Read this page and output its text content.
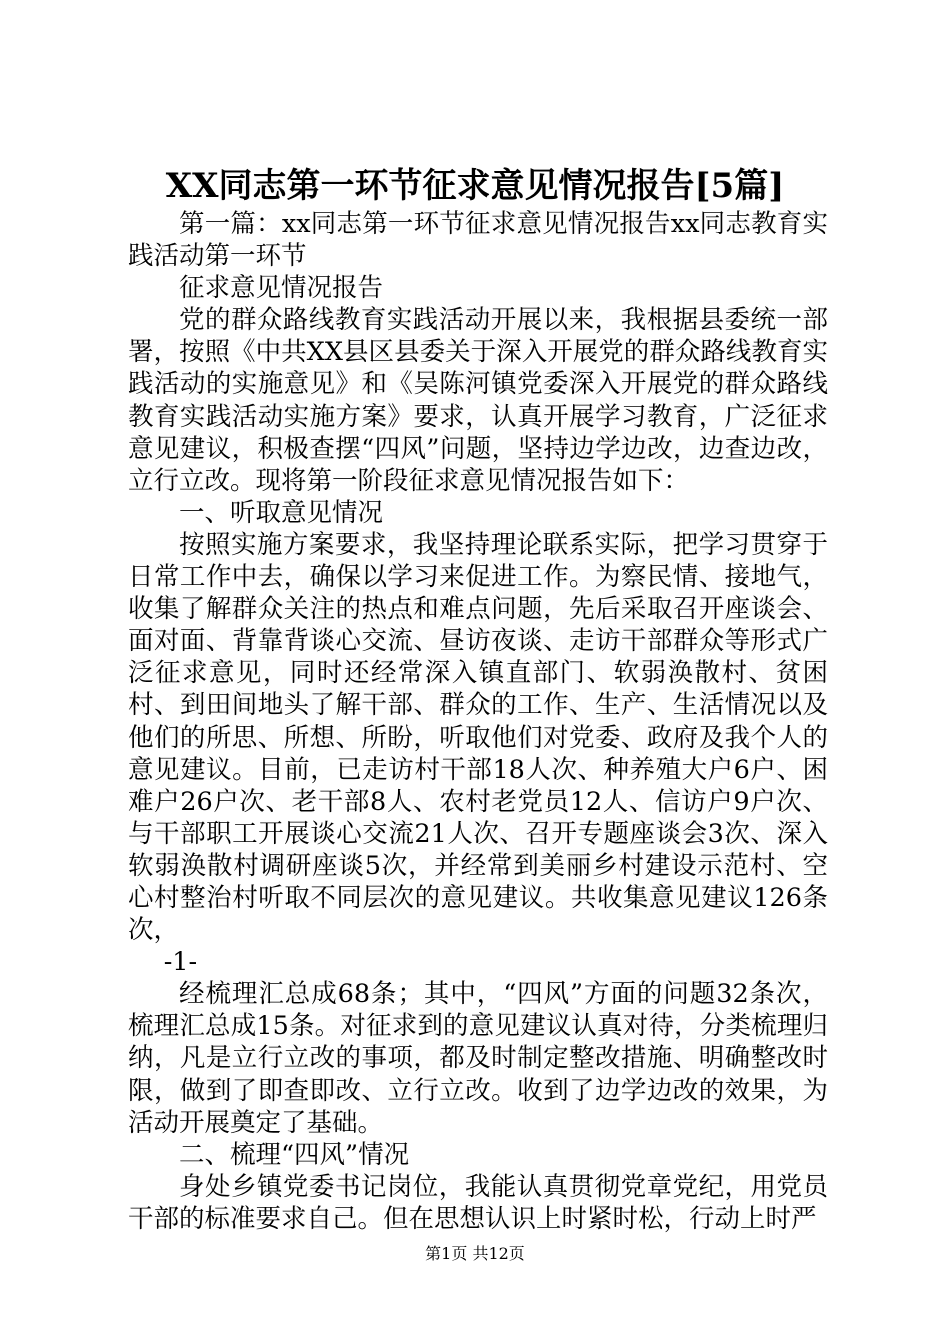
XX同志第一环节征求意见情况报告[5篇]

第一篇：xx同志第一环节征求意见情况报告xx同志教育实践活动第一环节

征求意见情况报告

党的群众路线教育实践活动开展以来，我根据县委统一部署，按照《中共XX县区县委关于深入开展党的群众路线教育实践活动的实施意见》和《吴陈河镇党委深入开展党的群众路线教育实践活动实施方案》要求，认真开展学习教育，广泛征求意见建议，积极查摆“四风”问题，坚持边学边改，边查边改，立行立改。现将第一阶段征求意见情况报告如下：

一、听取意见情况

按照实施方案要求，我坚持理论联系实际，把学习贯穿于日常工作中去，确保以学习来促进工作。为察民情、接地气，收集了解群众关注的热点和难点问题，先后采取召开座谈会、面对面、背靠背谈心交流、昼访夜谈、走访干部群众等形式广泛征求意见，同时还经常深入镇直部门、软弱涣散村、贫困村、到田间地头了解干部、群众的工作、生产、生活情况以及他们的所思、所想、所盼，听取他们对党委、政府及我个人的意见建议。目前，已走访村干部18人次、种养殖大户6户、困难户26户次、老干部8人、农村老党员12人、信访户9户次、与干部职工开展谈心交流21人次、召开专题座谈会3次、深入软弱涣散村调研座谈5次，并经常到美丽乡村建设示范村、空心村整治村听取不同层次的意见建议。共收集意见建议126条次，

-1-

经梳理汇总成68条；其中，“四风”方面的问题32条次，梳理汇总成15条。对征求到的意见建议认真对待，分类梳理归纳，凡是立行立改的事项，都及时制定整改措施、明确整改时限，做到了即查即改、立行立改。收到了边学边改的效果，为活动开展奠定了基础。

二、梳理“四风”情况

身处乡镇党委书记岗位，我能认真贯彻党章党纪，用党员干部的标准要求自己。但在思想认识上时紧时松，行动上时严

第1页 共12页
